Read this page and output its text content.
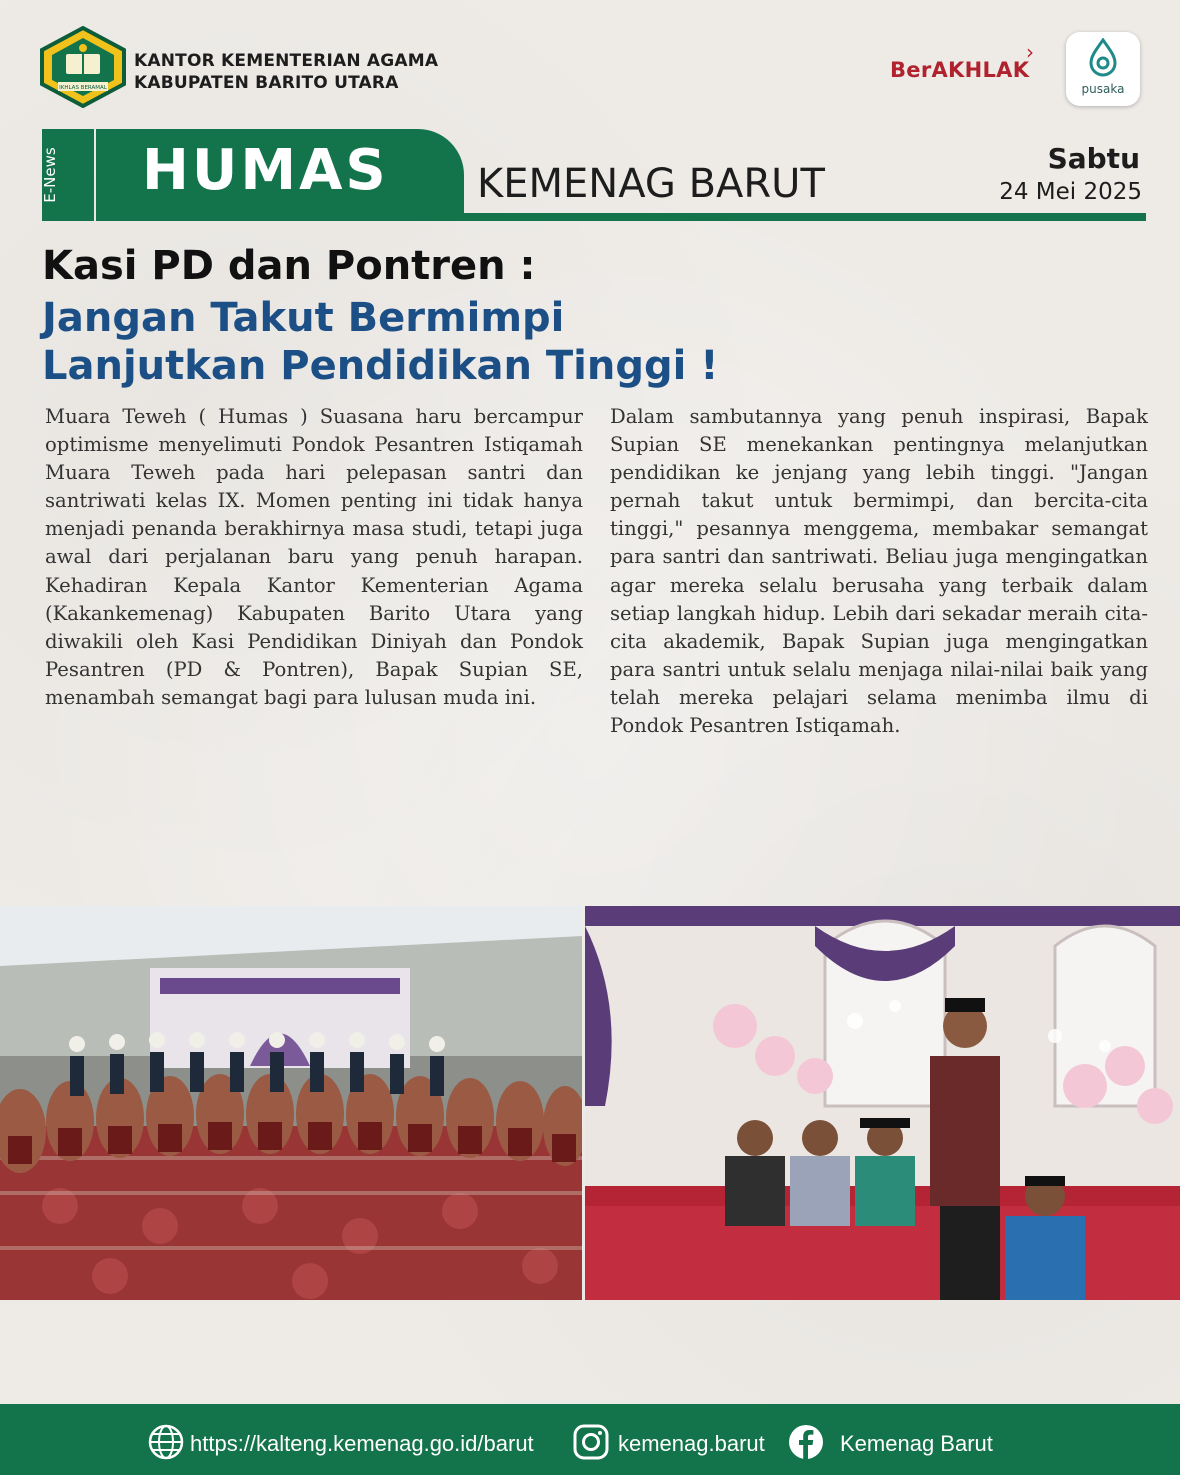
IKHLAS BERAMAL
KANTOR KEMENTERIAN AGAMA
KABUPATEN BARITO UTARA
BerAKHLAK
›
pusaka
E-News HUMAS KEMENAG BARUT
Sabtu
24 Mei 2025
Kasi PD dan Pontren :
Jangan Takut Bermimpi
Lanjutkan Pendidikan Tinggi !
Muara Teweh ( Humas ) Suasana haru bercampur optimisme menyelimuti Pondok Pesantren Istiqamah Muara Teweh pada hari pelepasan santri dan santriwati kelas IX. Momen penting ini tidak hanya menjadi penanda berakhirnya masa studi, tetapi juga awal dari perjalanan baru yang penuh harapan. Kehadiran Kepala Kantor Kementerian Agama (Kakankemenag) Kabupaten Barito Utara yang diwakili oleh Kasi Pendidikan Diniyah dan Pondok Pesantren (PD & Pontren), Bapak Supian SE, menambah semangat bagi para lulusan muda ini.
Dalam sambutannya yang penuh inspirasi, Bapak Supian SE menekankan pentingnya melanjutkan pendidikan ke jenjang yang lebih tinggi. "Jangan pernah takut untuk bermimpi, dan bercita-cita tinggi," pesannya menggema, membakar semangat para santri dan santriwati. Beliau juga mengingatkan agar mereka selalu berusaha yang terbaik dalam setiap langkah hidup. Lebih dari sekadar meraih cita-cita akademik, Bapak Supian juga mengingatkan para santri untuk selalu menjaga nilai-nilai baik yang telah mereka pelajari selama menimba ilmu di Pondok Pesantren Istiqamah.
https://kalteng.kemenag.go.id/barut	kemenag.barut	Kemenag Barut
